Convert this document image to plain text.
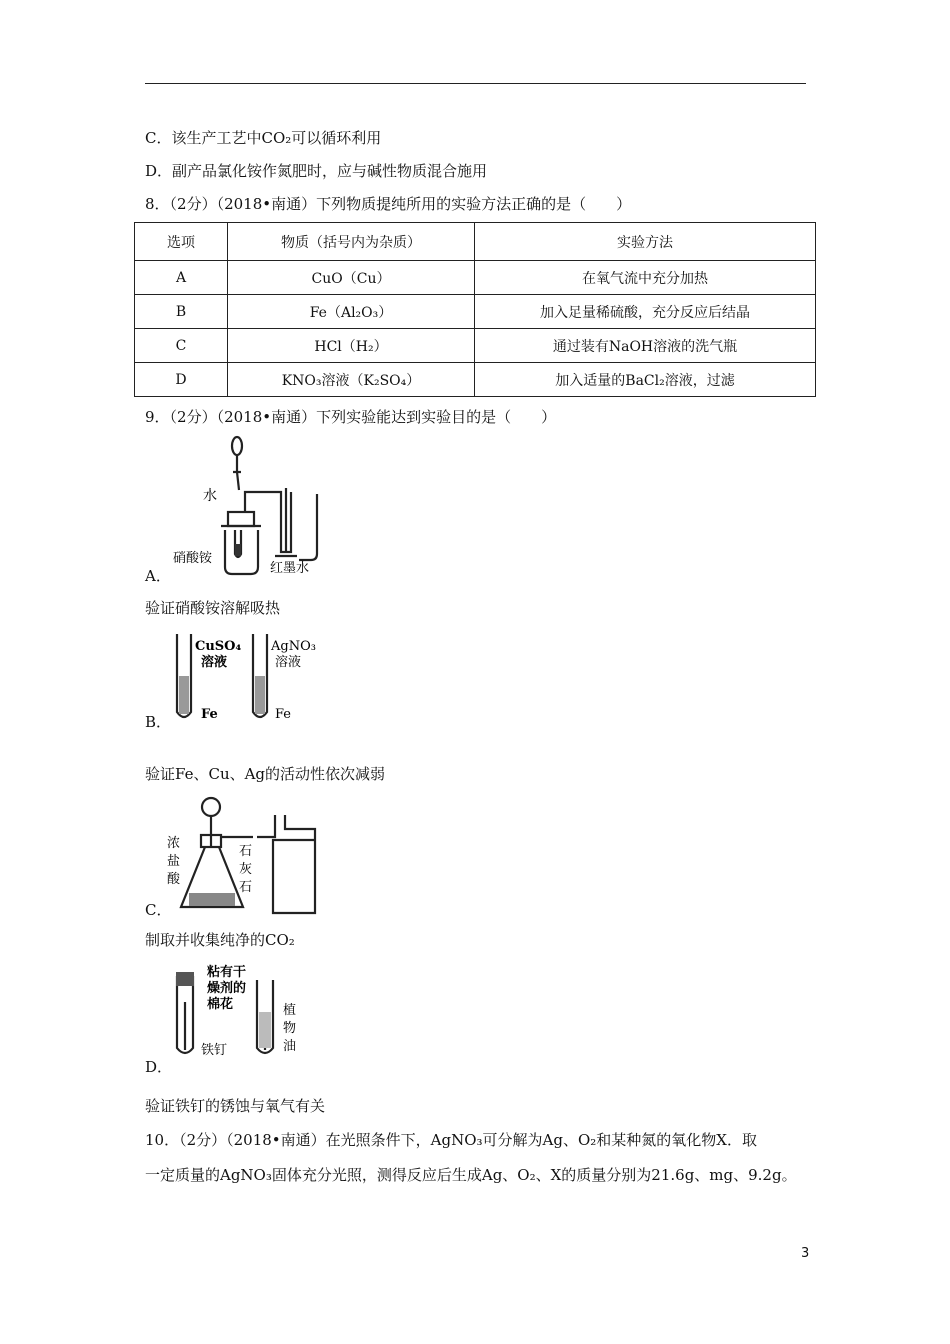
C．该生产工艺中CO₂可以循环利用
D．副产品氯化铵作氮肥时，应与碱性物质混合施用
8．（2分）（2018•南通）下列物质提纯所用的实验方法正确的是（　　）
选项	物质（括号内为杂质）	实验方法
A	CuO（Cu）	在氧气流中充分加热
B	Fe（Al₂O₃）	加入足量稀硫酸，充分反应后结晶
C	HCl（H₂）	通过装有NaOH溶液的洗气瓶
D	KNO₃溶液（K₂SO₄）	加入适量的BaCl₂溶液，过滤
9．（2分）（2018•南通）下列实验能达到实验目的是（　　）
水
硝酸铵
红墨水
A．
验证硝酸铵溶解吸热
CuSO₄
溶液
Fe
AgNO₃
溶液
Fe
B．
验证Fe、Cu、Ag的活动性依次减弱
浓
盐
酸
石
灰
石
C．
制取并收集纯净的CO₂
粘有干
燥剂的
棉花
铁钉
植
物
油
D．
验证铁钉的锈蚀与氧气有关
10．（2分）（2018•南通）在光照条件下，AgNO₃可分解为Ag、O₂和某种氮的氧化物X．取
一定质量的AgNO₃固体充分光照，测得反应后生成Ag、O₂、X的质量分别为21.6g、mg、9.2g。
3
